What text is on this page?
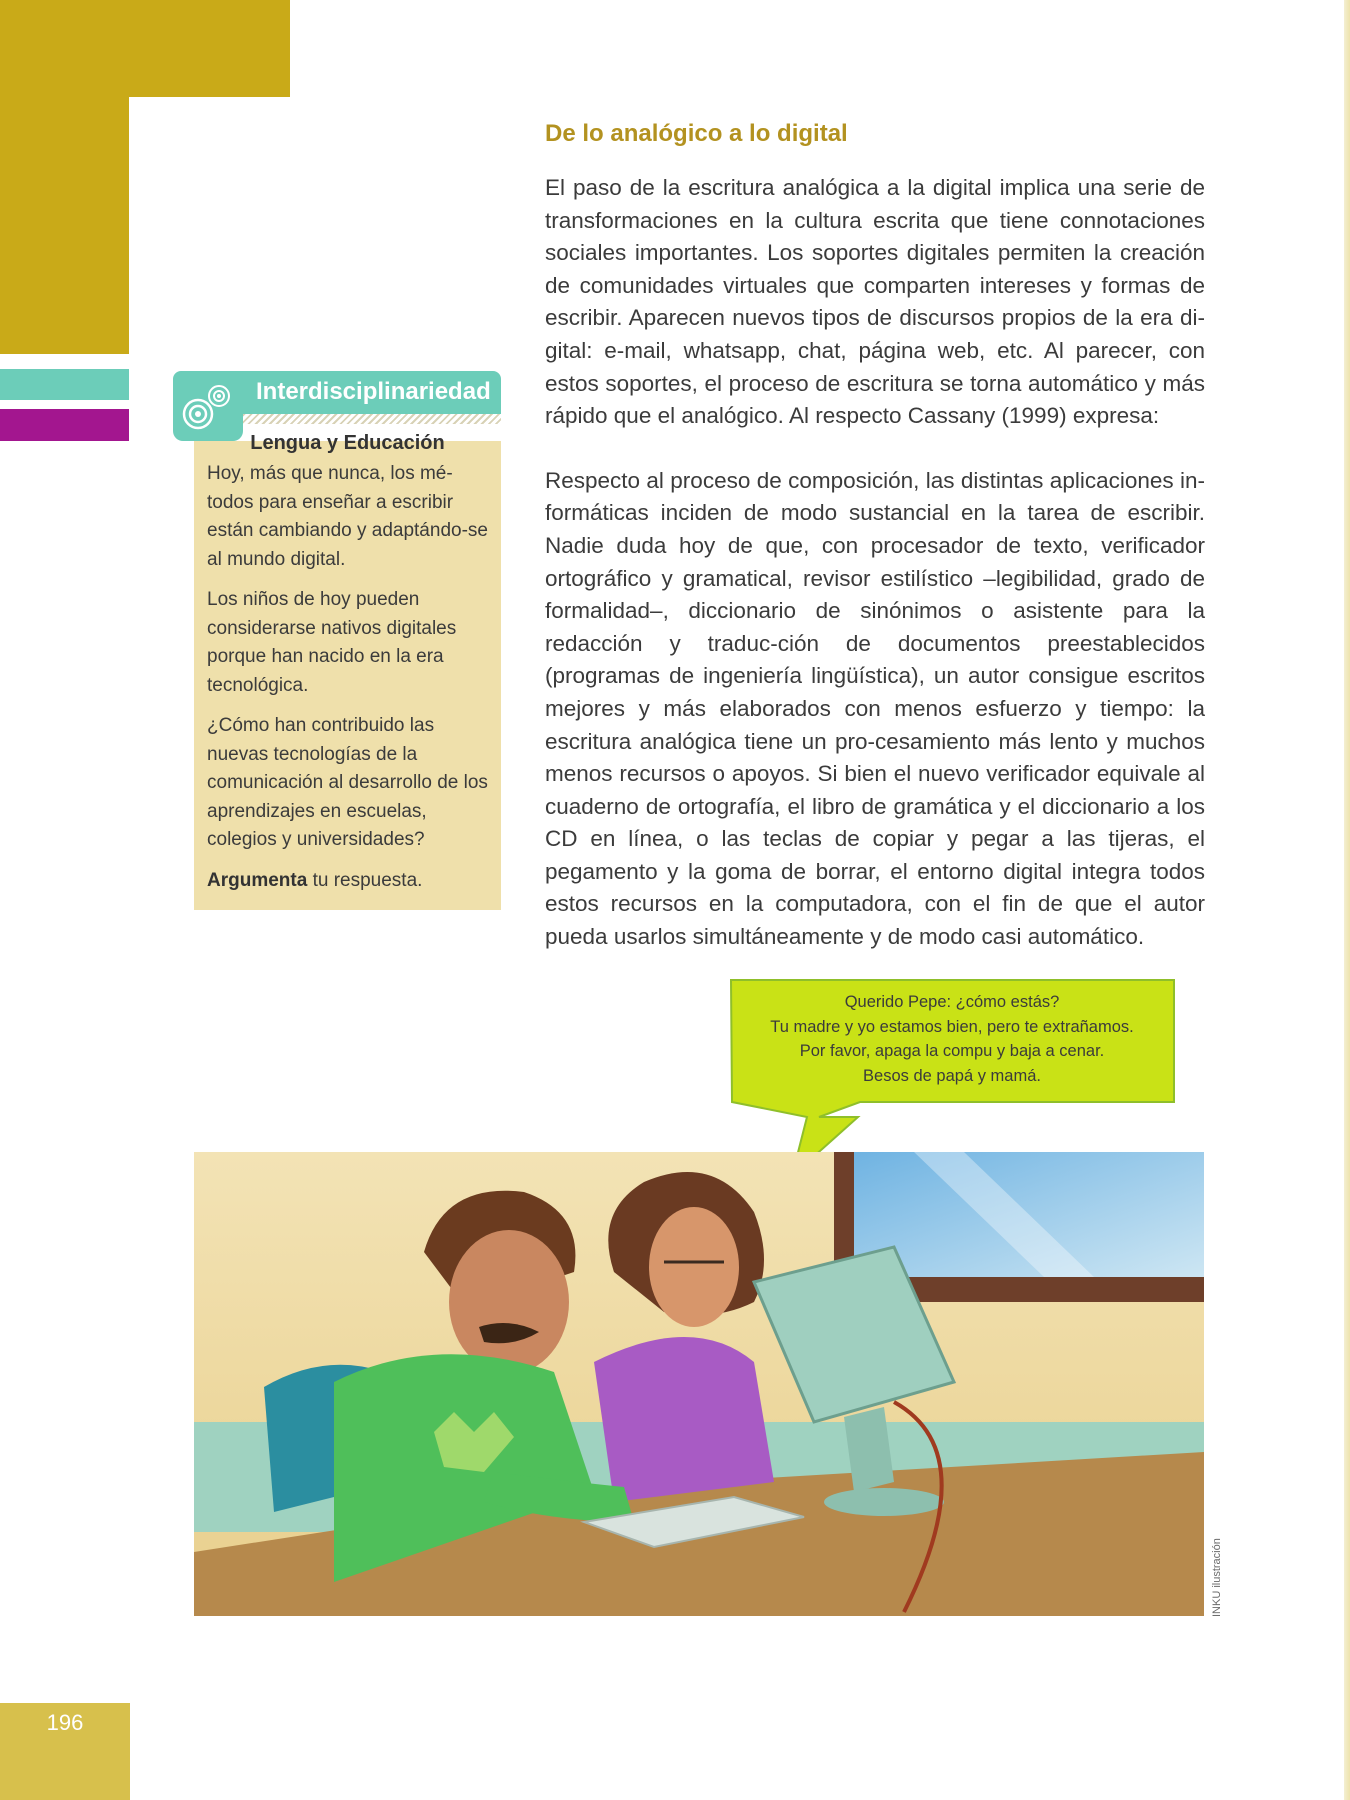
196
Interdisciplinariedad
Lengua y Educación

Hoy, más que nunca, los mé-todos para enseñar a escribir están cambiando y adaptándo-se al mundo digital.

Los niños de hoy pueden considerarse nativos digitales porque han nacido en la era tecnológica.

¿Cómo han contribuido las nuevas tecnologías de la comunicación al desarrollo de los aprendizajes en escuelas, colegios y universidades?

Argumenta tu respuesta.

De lo analógico a lo digital

El paso de la escritura analógica a la digital implica una serie de transformaciones en la cultura escrita que tiene connotaciones sociales importantes. Los soportes digitales permiten la creación de comunidades virtuales que comparten intereses y formas de escribir. Aparecen nuevos tipos de discursos propios de la era di-gital: e-mail, whatsapp, chat, página web, etc. Al parecer, con estos soportes, el proceso de escritura se torna automático y más rápido que el analógico. Al respecto Cassany (1999) expresa:

Respecto al proceso de composición, las distintas aplicaciones in-formáticas inciden de modo sustancial en la tarea de escribir. Nadie duda hoy de que, con procesador de texto, verificador ortográfico y gramatical, revisor estilístico –legibilidad, grado de formalidad–, diccionario de sinónimos o asistente para la redacción y traduc-ción de documentos preestablecidos (programas de ingeniería lingüística), un autor consigue escritos mejores y más elaborados con menos esfuerzo y tiempo: la escritura analógica tiene un pro-cesamiento más lento y muchos menos recursos o apoyos. Si bien el nuevo verificador equivale al cuaderno de ortografía, el libro de gramática y el diccionario a los CD en línea, o las teclas de copiar y pegar a las tijeras, el pegamento y la goma de borrar, el entorno digital integra todos estos recursos en la computadora, con el fin de que el autor pueda usarlos simultáneamente y de modo casi automático.

Querido Pepe: ¿cómo estás?
Tu madre y yo estamos bien, pero te extrañamos.
Por favor, apaga la compu y baja a cenar.
Besos de papá y mamá.
INKU ilustración
